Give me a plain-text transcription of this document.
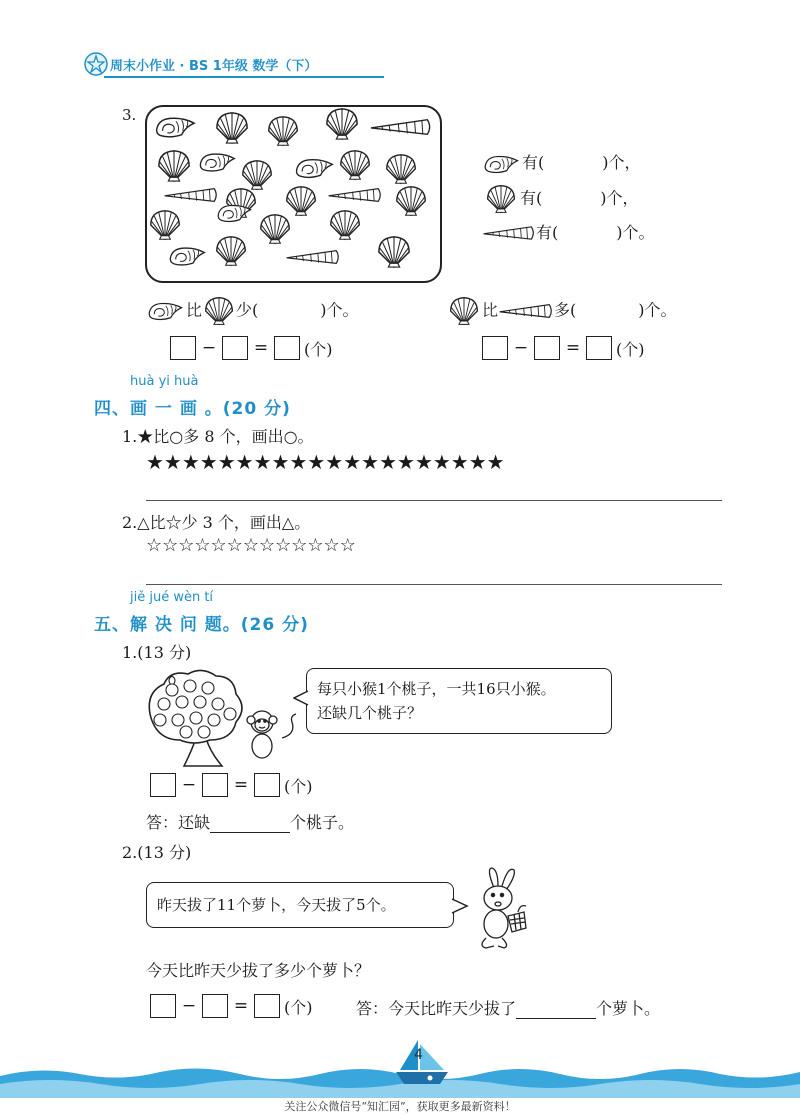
周末小作业 · BS 1年级 数学（下）
3.
有(	)个，
有(	)个，
有(	)个。
比 少(	)个。	比	多(	)个。
− = (个)	− = (个)
huà yi huà
四、画 一 画 。(20 分)
1.★比○多 8 个，画出○。
★★★★★★★★★★★★★★★★★★★★
2.△比☆少 3 个，画出△。
☆☆☆☆☆☆☆☆☆☆☆☆☆
jiě jué wèn tí
五、解 决 问 题。(26 分)
1.(13 分)
每只小猴1个桃子，一共16只小猴。
还缺几个桃子？
− = (个)
答：还缺	个桃子。
2.(13 分)
昨天拔了11个萝卜，今天拔了5个。
今天比昨天少拔了多少个萝卜？
− = (个)	答：今天比昨天少拔了	个萝卜。
4
关注公众微信号“知汇园”，获取更多最新资料！
